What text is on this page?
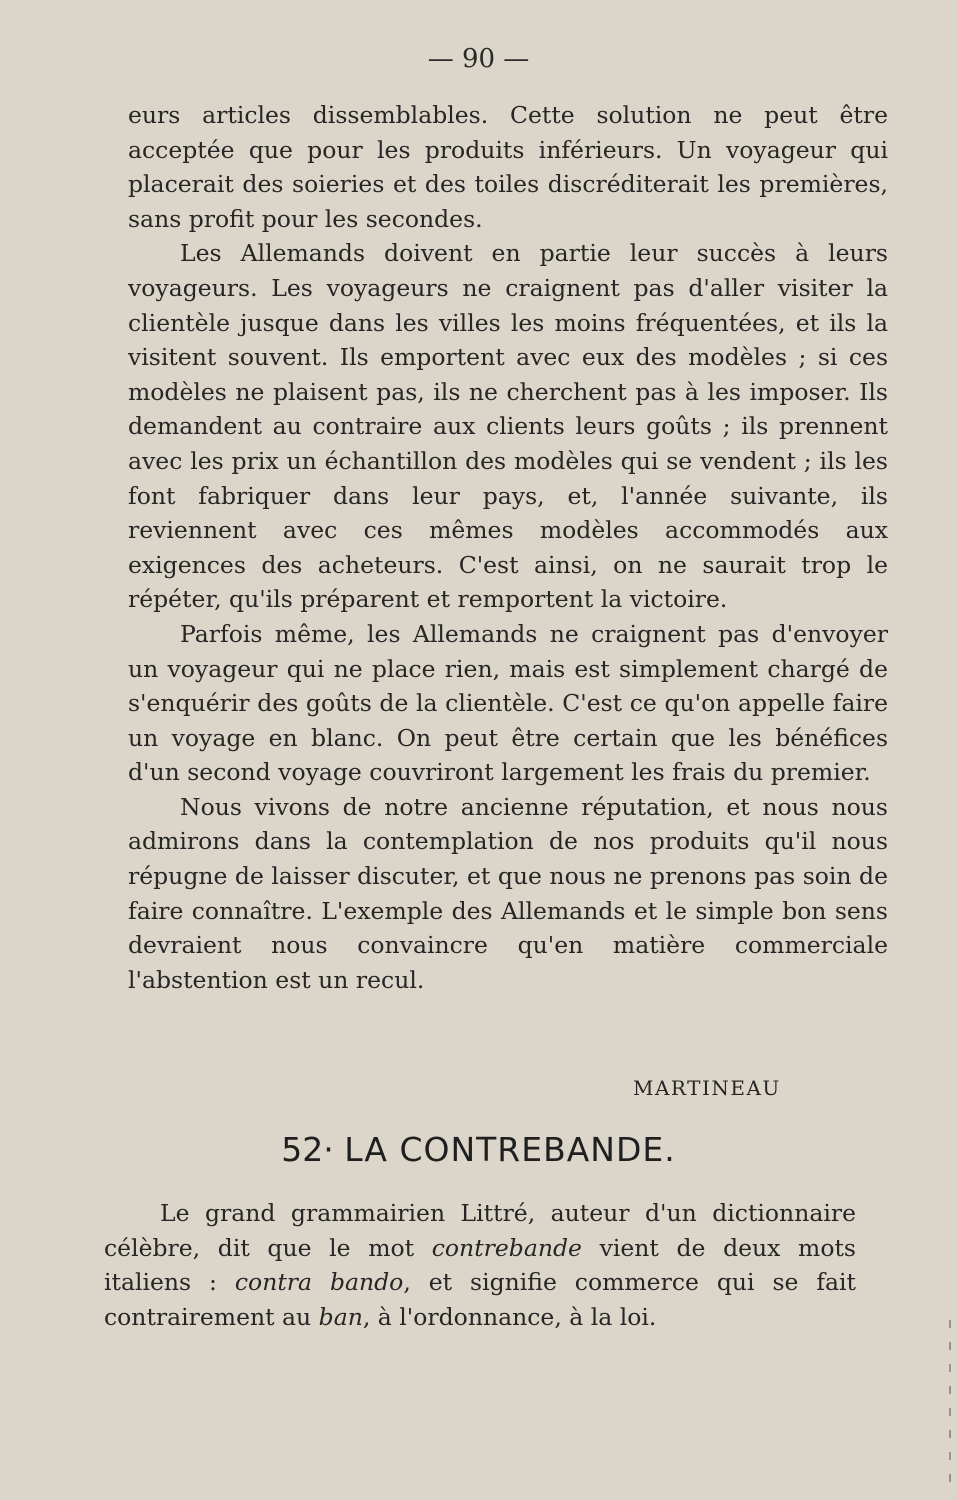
— 90 —

eurs articles dissemblables. Cette solution ne peut être acceptée que pour les produits inférieurs. Un voyageur qui placerait des soieries et des toiles discréditerait les premières, sans profit pour les secondes.

Les Allemands doivent en partie leur succès à leurs voyageurs. Les voyageurs ne craignent pas d'aller visiter la clientèle jusque dans les villes les moins fréquentées, et ils la visitent souvent. Ils emportent avec eux des modèles ; si ces modèles ne plaisent pas, ils ne cherchent pas à les imposer. Ils demandent au contraire aux clients leurs goûts ; ils prennent avec les prix un échantillon des modèles qui se vendent ; ils les font fabriquer dans leur pays, et, l'année suivante, ils reviennent avec ces mêmes modèles accommodés aux exigences des acheteurs. C'est ainsi, on ne saurait trop le répéter, qu'ils préparent et remportent la victoire.

Parfois même, les Allemands ne craignent pas d'envoyer un voyageur qui ne place rien, mais est simplement chargé de s'enquérir des goûts de la clientèle. C'est ce qu'on appelle faire un voyage en blanc. On peut être certain que les bénéfices d'un second voyage couvriront largement les frais du premier.

Nous vivons de notre ancienne réputation, et nous nous admirons dans la contemplation de nos produits qu'il nous répugne de laisser discuter, et que nous ne prenons pas soin de faire connaître. L'exemple des Allemands et le simple bon sens devraient nous convaincre qu'en matière commerciale l'abstention est un recul.

MARTINEAU
52· LA CONTREBANDE.

Le grand grammairien Littré, auteur d'un dictionnaire célèbre, dit que le mot contrebande vient de deux mots italiens : contra bando, et signifie commerce qui se fait contrairement au ban, à l'ordonnance, à la loi.
